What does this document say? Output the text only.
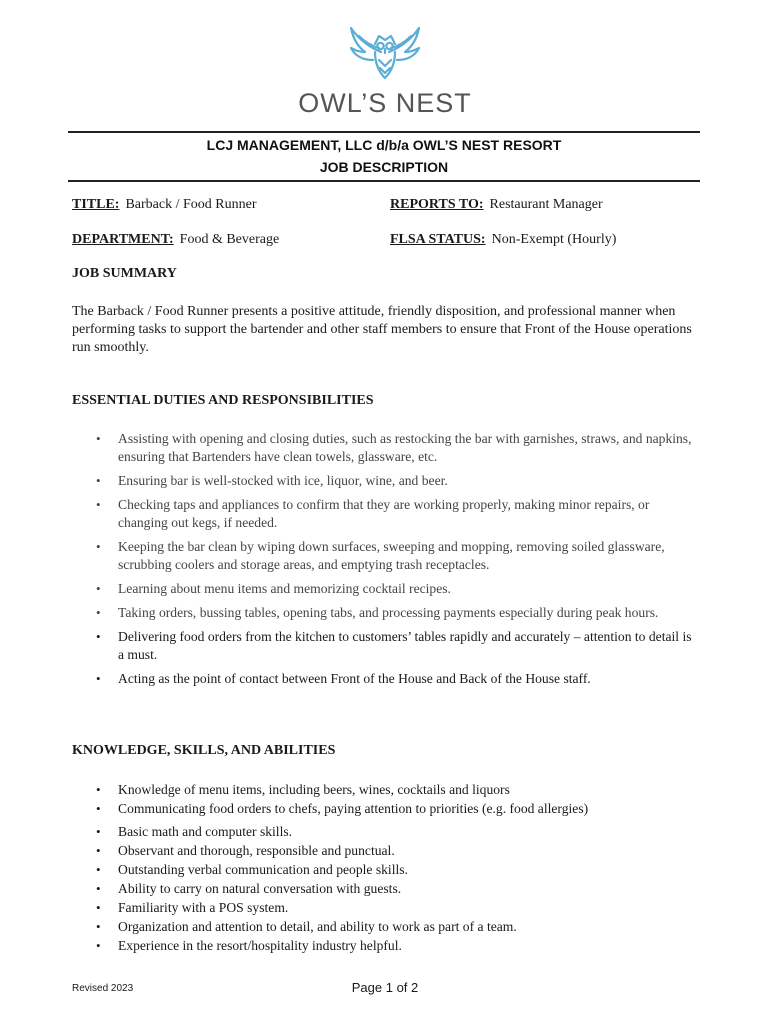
OWL’S NEST
LCJ MANAGEMENT, LLC d/b/a OWL’S NEST RESORT
JOB DESCRIPTION
TITLE: Barback / Food Runner	REPORTS TO: Restaurant Manager
DEPARTMENT: Food & Beverage	FLSA STATUS: Non-Exempt (Hourly)
JOB SUMMARY
The Barback / Food Runner presents a positive attitude, friendly disposition, and professional manner when performing tasks to support the bartender and other staff members to ensure that Front of the House operations run smoothly.
ESSENTIAL DUTIES AND RESPONSIBILITIES
• Assisting with opening and closing duties, such as restocking the bar with garnishes, straws, and napkins, ensuring that Bartenders have clean towels, glassware, etc.
• Ensuring bar is well-stocked with ice, liquor, wine, and beer.
• Checking taps and appliances to confirm that they are working properly, making minor repairs, or changing out kegs, if needed.
• Keeping the bar clean by wiping down surfaces, sweeping and mopping, removing soiled glassware, scrubbing coolers and storage areas, and emptying trash receptacles.
• Learning about menu items and memorizing cocktail recipes.
• Taking orders, bussing tables, opening tabs, and processing payments especially during peak hours.
• Delivering food orders from the kitchen to customers’ tables rapidly and accurately – attention to detail is a must.
• Acting as the point of contact between Front of the House and Back of the House staff.
KNOWLEDGE, SKILLS, AND ABILITIES
• Knowledge of menu items, including beers, wines, cocktails and liquors
• Communicating food orders to chefs, paying attention to priorities (e.g. food allergies)
• Basic math and computer skills.
• Observant and thorough, responsible and punctual.
• Outstanding verbal communication and people skills.
• Ability to carry on natural conversation with guests.
• Familiarity with a POS system.
• Organization and attention to detail, and ability to work as part of a team.
• Experience in the resort/hospitality industry helpful.
Revised 2023	Page 1 of 2
